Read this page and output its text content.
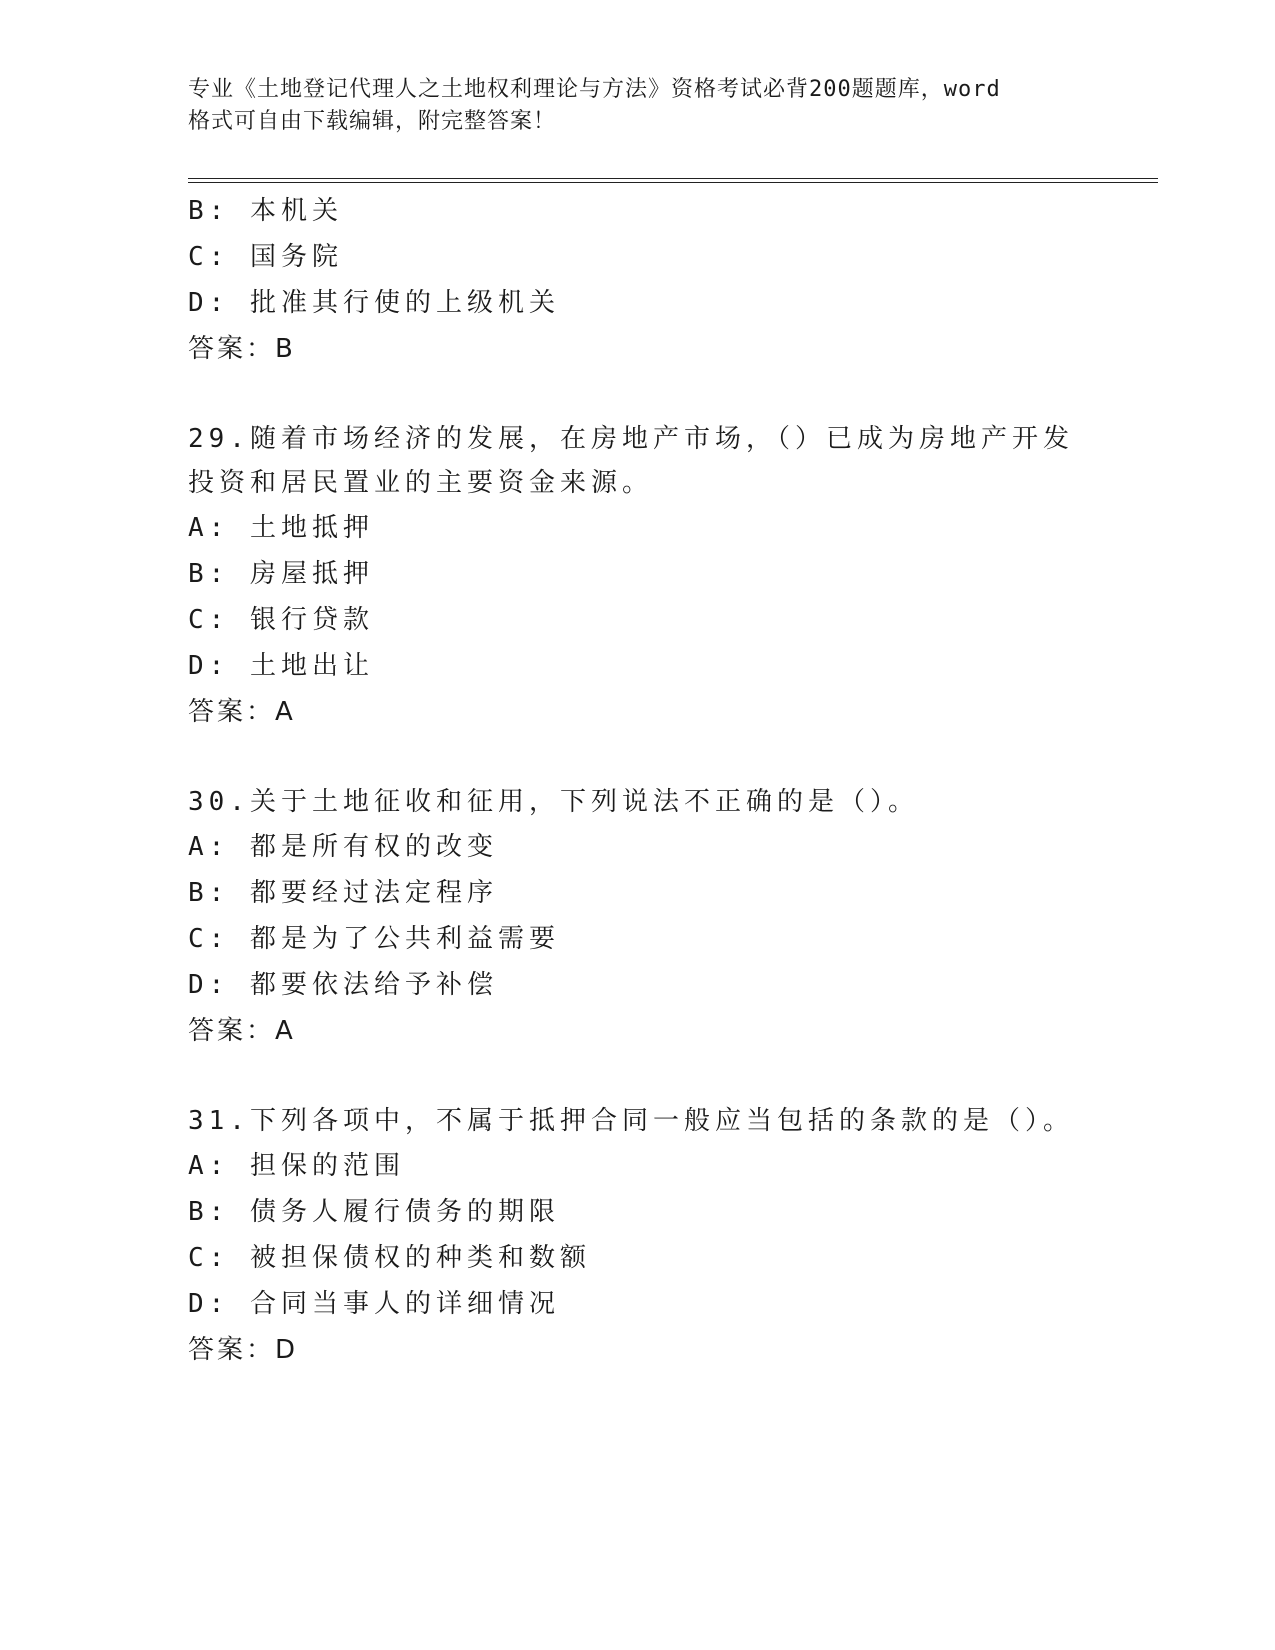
专业《土地登记代理人之土地权利理论与方法》资格考试必背200题题库，word
格式可自由下载编辑，附完整答案！
B: 本机关
C: 国务院
D: 批准其行使的上级机关
答案：B
29.随着市场经济的发展，在房地产市场，（）已成为房地产开发投资和居民置业的主要资金来源。
A: 土地抵押
B: 房屋抵押
C: 银行贷款
D: 土地出让
答案：A
30.关于土地征收和征用，下列说法不正确的是（）。
A: 都是所有权的改变
B: 都要经过法定程序
C: 都是为了公共利益需要
D: 都要依法给予补偿
答案：A
31.下列各项中，不属于抵押合同一般应当包括的条款的是（）。
A: 担保的范围
B: 债务人履行债务的期限
C: 被担保债权的种类和数额
D: 合同当事人的详细情况
答案：D
